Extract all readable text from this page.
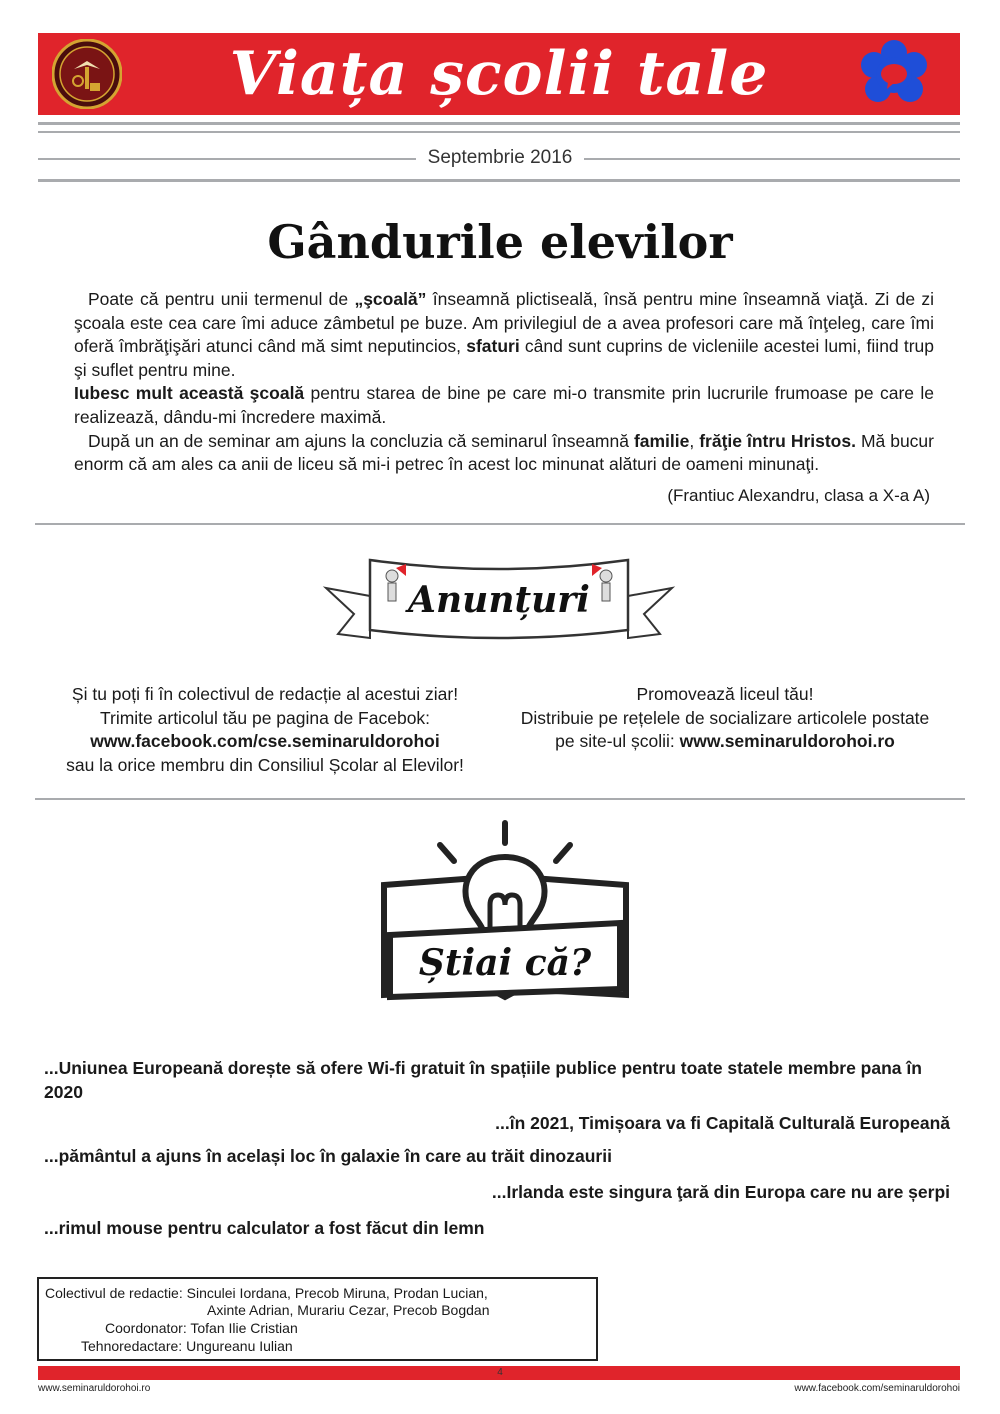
Viața școlii tale
Septembrie 2016
Gândurile elevilor

Poate că pentru unii termenul de „şcoală” înseamnă plictiseală, însă pentru mine înseamnă viaţă. Zi de zi şcoala este cea care îmi aduce zâmbetul pe buze. Am privilegiul de a avea profesori care mă înţeleg, care îmi oferă îmbrăţişări atunci când mă simt neputincios, sfaturi când sunt cuprins de vicleniile acestei lumi, fiind trup şi suflet pentru mine.

Iubesc mult această şcoală pentru starea de bine pe care mi-o transmite prin lucrurile frumoase pe care le realizează, dându-mi încredere maximă.

După un an de seminar am ajuns la concluzia că seminarul înseamnă familie, frăţie întru Hristos. Mă bucur enorm că am ales ca anii de liceu să mi-i petrec în acest loc minunat alături de oameni minunaţi.

(Frantiuc Alexandru, clasa a X-a A)
Anunțuri
Și tu poți fi în colectivul de redacție al acestui ziar!
Trimite articolul tău pe pagina de Facebok:
www.facebook.com/cse.seminaruldorohoi
sau la orice membru din Consiliul Școlar al Elevilor!
Promovează liceul tău!
Distribuie pe rețelele de socializare articolele postate
pe site-ul școlii: www.seminaruldorohoi.ro
Știai că?
...Uniunea Europeană dorește să ofere Wi-fi gratuit în spațiile publice pentru toate statele membre pana în 2020
...în 2021, Timișoara va fi Capitală Culturală Europeană
...pământul a ajuns în același loc în galaxie în care au trăit dinozaurii
...Irlanda este singura ţară din Europa care nu are șerpi
...rimul mouse pentru calculator a fost făcut din lemn
Colectivul de redactie: Sinculei Iordana, Precob Miruna, Prodan Lucian,
Axinte Adrian, Murariu Cezar, Precob Bogdan
Coordonator: Tofan Ilie Cristian
Tehnoredactare: Ungureanu Iulian
4
www.seminaruldorohoi.ro	www.facebook.com/seminaruldorohoi
